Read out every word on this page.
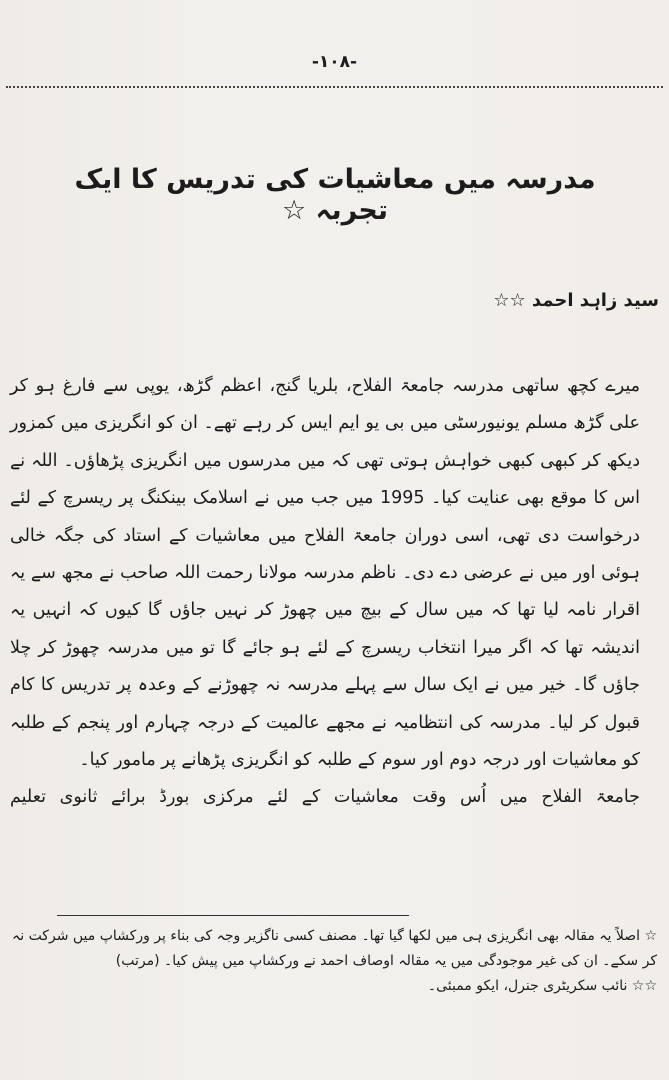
-۱۰۸-
مدرسہ میں معاشیات کی تدریس کا ایک تجربہ ☆
سید زاہد احمد ☆☆

میرے کچھ ساتھی مدرسہ جامعۃ الفلاح، بلریا گنج، اعظم گڑھ، یوپی سے فارغ ہو کر علی گڑھ مسلم یونیورسٹی میں بی یو ایم ایس کر رہے تھے۔ ان کو انگریزی میں کمزور دیکھ کر کبھی کبھی خواہش ہوتی تھی کہ میں مدرسوں میں انگریزی پڑھاؤں۔ اللہ نے اس کا موقع بھی عنایت کیا۔ 1995 میں جب میں نے اسلامک بینکنگ پر ریسرچ کے لئے درخواست دی تھی، اسی دوران جامعۃ الفلاح میں معاشیات کے استاد کی جگہ خالی ہوئی اور میں نے عرضی دے دی۔ ناظم مدرسہ مولانا رحمت اللہ صاحب نے مجھ سے یہ اقرار نامہ لیا تھا کہ میں سال کے بیچ میں چھوڑ کر نہیں جاؤں گا کیوں کہ انہیں یہ اندیشہ تھا کہ اگر میرا انتخاب ریسرچ کے لئے ہو جائے گا تو میں مدرسہ چھوڑ کر چلا جاؤں گا۔ خیر میں نے ایک سال سے پہلے مدرسہ نہ چھوڑنے کے وعدہ پر تدریس کا کام قبول کر لیا۔ مدرسہ کی انتظامیہ نے مجھے عالمیت کے درجہ چہارم اور پنجم کے طلبہ کو معاشیات اور درجہ دوم اور سوم کے طلبہ کو انگریزی پڑھانے پر مامور کیا۔

جامعۃ الفلاح میں اُس وقت معاشیات کے لئے مرکزی بورڈ برائے ثانوی تعلیم

☆ اصلاً یہ مقالہ بھی انگریزی ہی میں لکھا گیا تھا۔ مصنف کسی ناگزیر وجہ کی بناء پر ورکشاپ میں شرکت نہ کر سکے۔ ان کی غیر موجودگی میں یہ مقالہ اوصاف احمد نے ورکشاپ میں پیش کیا۔ (مرتب)

☆☆ نائب سکریٹری جنرل، ایکو ممبئی۔
